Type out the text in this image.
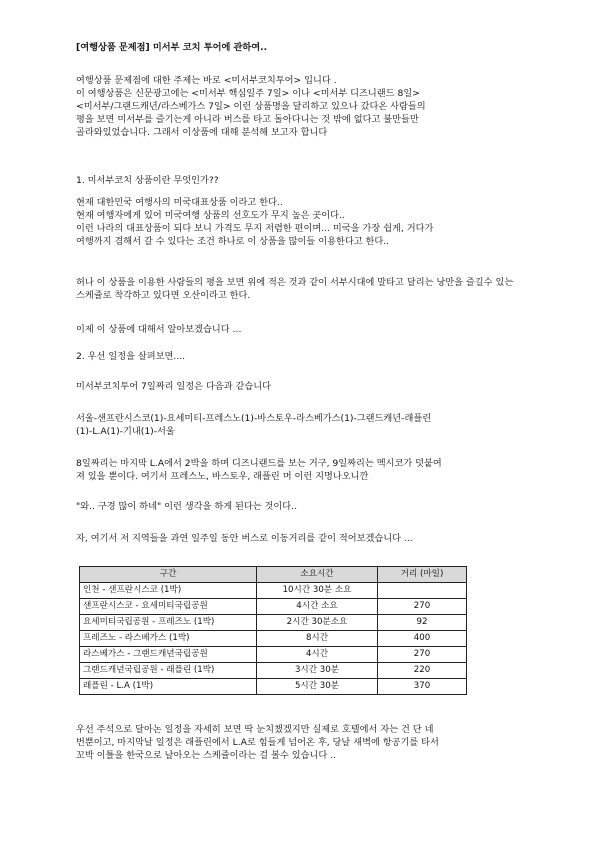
[여행상품 문제점] 미서부 코치 투어에 관하여..

여행상품 문제점에 대한 주제는 바로 <미서부코치투어> 입니다 .

이 여행상품은 신문광고에는 <미서부 핵심일주 7일> 이나 <미서부 디즈니랜드 8일>

<미서부/그랜드캐년/라스베가스 7일> 이런 상품명을 달리하고 있으나 갔다온 사람들의

평을 보면 미서부를 즐기는게 아니라 버스를 타고 돌아다니는 것 밖에 없다고 불만들만

골라와있었습니다. 그래서 이상품에 대해 분석해 보고자 합니다

1. 미서부코치 상품이란 무엇인가??

현재 대한민국 여행사의 미국대표상품 이라고 한다..

현재 여행자에게 있어 미국여행 상품의 선호도가 무지 높은 곳이다..

이런 나라의 대표상품이 되다 보니 가격도 무지 저렴한 편이며... 미국을 가장 쉽게, 거다가

여행까지 겸해서 갈 수 있다는 조건 하나로 이 상품을 많이들 이용한다고 한다..

허나 이 상품을 이용한 사람들의 평을 보면 위에 적은 것과 같이 서부시대에 말타고 달리는 낭만을 즐길수 있는 스케쥴로 착각하고 있다면 오산이라고 한다.

이제 이 상품에 대해서 알아보겠습니다 ...

2. 우선 일정을 살펴보면....

미서부코치투어 7일짜리 일정은 다음과 같습니다

서울-샌프란시스코(1)-요세미티-프레스노(1)-바스토우-라스베가스(1)-그랜드캐년-래플린

(1)-L.A(1)-기내(1)-서울

8일짜리는 마지막 L.A에서 2박을 하며 디즈니랜드를 보는 거구, 9일짜리는 멕시코가 덧붙여

져 있을 뿐이다. 여기서 프레스노, 바스토우, 래플린 머 이런 지명나오니깐

"와.. 구경 많이 하네" 이런 생각을 하게 된다는 것이다..

자, 여기서 저 지역들을 과연 일주일 동안 버스로 이동거리를 같이 적어보겠습니다 ...

구간	소요시간	거리 (마일)
인천 - 샌프란시스코 (1박)	10시간 30분 소요	
샌프란시스코 - 요세미티국립공원	4시간 소요	270
요세미티국립공원 - 프레즈노 (1박)	2시간 30분소요	92
프레즈노 - 라스베가스 (1박)	8시간	400
라스베가스 - 그랜드캐년국립공원	4시간	270
그랜드캐년국립공원 - 래플린 (1박)	3시간 30분	220
래플린 - L.A (1박)	5시간 30분	370

우선 주석으로 달아논 일정을 자세히 보면 딱 눈치챘겠지만 실제로 호텔에서 자는 건 단 네

번뿐이고, 마지막날 일정은 래플린에서 L.A로 힘들게 넘어온 후, 당날 새벽에 항공기를 타서

꼬박 이틀을 한국으로 날아오는 스케쥴이라는 걸 볼수 있습니다 ..
